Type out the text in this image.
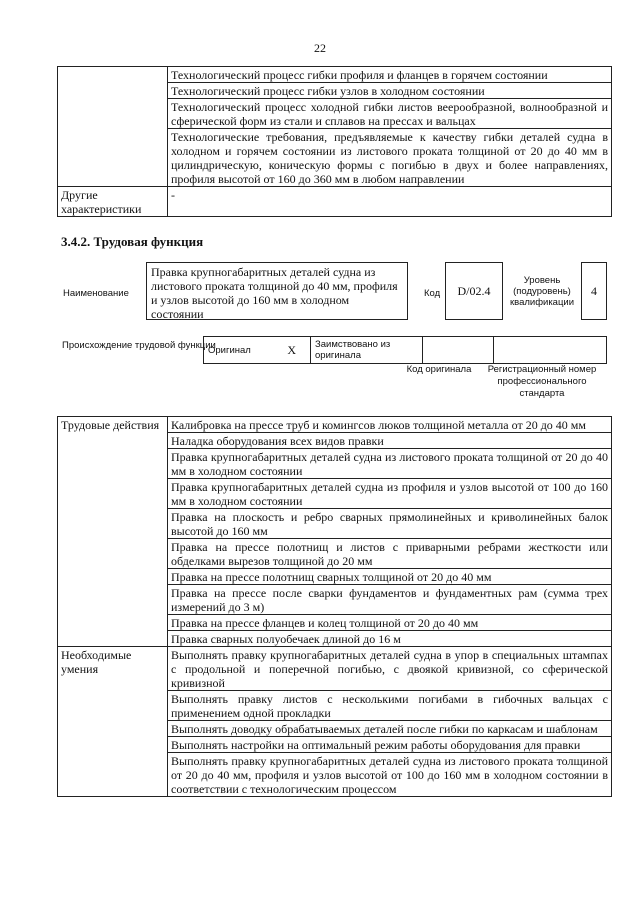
22
	Технологический процесс гибки профиля и фланцев в горячем состоянии
	Технологический процесс гибки узлов в холодном состоянии
	Технологический процесс холодной гибки листов веерообразной, волнообразной и сферической форм из стали и сплавов на прессах и вальцах
	Технологические требования, предъявляемые к качеству гибки деталей судна в холодном и горячем состоянии из листового проката толщиной от 20 до 40 мм в цилиндрическую, коническую формы с погибью в двух и более направлениях, профиля высотой от 160 до 360 мм в любом направлении
Другие характеристики	-
3.4.2. Трудовая функция
Наименование
Правка крупногабаритных деталей судна из листового проката толщиной до 40 мм, профиля и узлов высотой до 160 мм в холодном состоянии
Код	D/02.4
Уровень (подуровень) квалификации
4
Происхождение трудовой функции
Оригинал	X	Заимствовано из оригинала		
Код оригинала	Регистрационный номер профессионального стандарта
Трудовые действия	Калибровка на прессе труб и комингсов люков толщиной металла от 20 до 40 мм
	Наладка оборудования всех видов правки
	Правка крупногабаритных деталей судна из листового проката толщиной от 20 до 40 мм в холодном состоянии
	Правка крупногабаритных деталей судна из профиля и узлов высотой от 100 до 160 мм в холодном состоянии
	Правка на плоскость и ребро сварных прямолинейных и криволинейных балок высотой до 160 мм
	Правка на прессе полотнищ и листов с приварными ребрами жесткости или обделками вырезов толщиной до 20 мм
	Правка на прессе полотнищ сварных толщиной от 20 до 40 мм
	Правка на прессе после сварки фундаментов и фундаментных рам (сумма трех измерений до 3 м)
	Правка на прессе фланцев и колец толщиной от 20 до 40 мм
	Правка сварных полуобечаек длиной до 16 м
Необходимые умения	Выполнять правку крупногабаритных деталей судна в упор в специальных штампах с продольной и поперечной погибью, с двоякой кривизной, со сферической кривизной
	Выполнять правку листов с несколькими погибами в гибочных вальцах с применением одной прокладки
	Выполнять доводку обрабатываемых деталей после гибки по каркасам и шаблонам
	Выполнять настройки на оптимальный режим работы оборудования для правки
	Выполнять правку крупногабаритных деталей судна из листового проката толщиной от 20 до 40 мм, профиля и узлов высотой от 100 до 160 мм в холодном состоянии в соответствии с технологическим процессом
